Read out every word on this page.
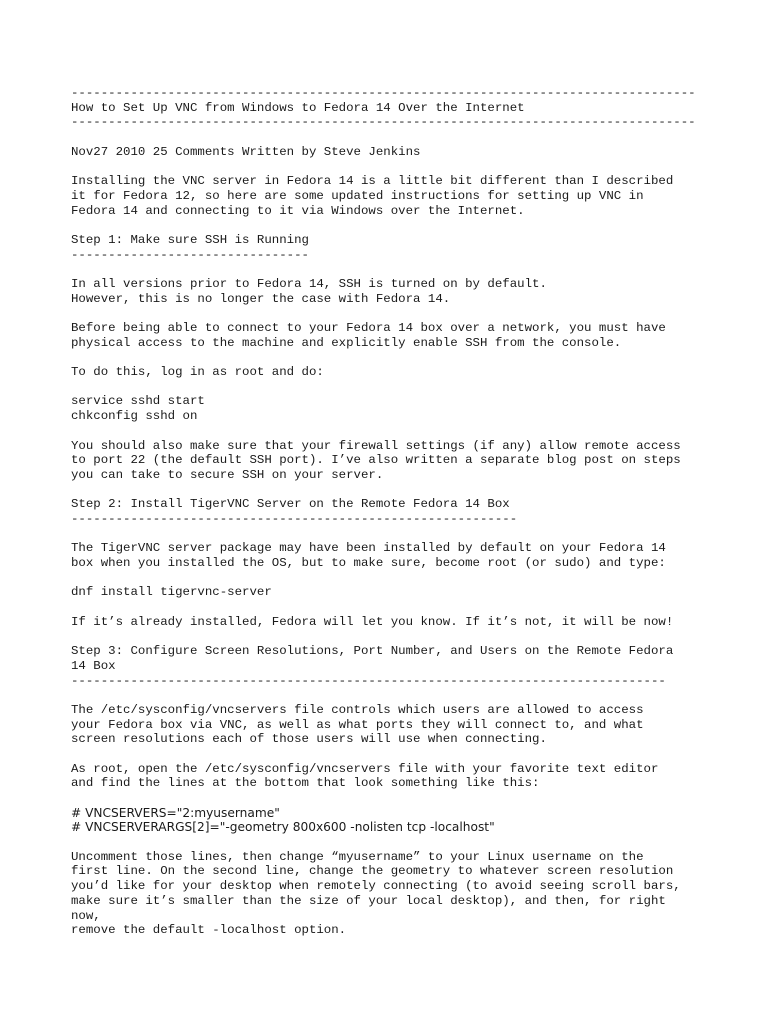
------------------------------------------------------------------------------------
How to Set Up VNC from Windows to Fedora 14 Over the Internet
------------------------------------------------------------------------------------
Nov27 2010 25 Comments Written by Steve Jenkins
Installing the VNC server in Fedora 14 is a little bit different than I described
it for Fedora 12, so here are some updated instructions for setting up VNC in
Fedora 14 and connecting to it via Windows over the Internet.
Step 1: Make sure SSH is Running
--------------------------------
In all versions prior to Fedora 14, SSH is turned on by default.
However, this is no longer the case with Fedora 14.
Before being able to connect to your Fedora 14 box over a network, you must have
physical access to the machine and explicitly enable SSH from the console.
To do this, log in as root and do:
service sshd start
chkconfig sshd on
You should also make sure that your firewall settings (if any) allow remote access
to port 22 (the default SSH port). I’ve also written a separate blog post on steps
you can take to secure SSH on your server.
Step 2: Install TigerVNC Server on the Remote Fedora 14 Box
------------------------------------------------------------
The TigerVNC server package may have been installed by default on your Fedora 14
box when you installed the OS, but to make sure, become root (or sudo) and type:
dnf install tigervnc-server
If it’s already installed, Fedora will let you know. If it’s not, it will be now!
Step 3: Configure Screen Resolutions, Port Number, and Users on the Remote Fedora
14 Box
--------------------------------------------------------------------------------
The /etc/sysconfig/vncservers file controls which users are allowed to access
your Fedora box via VNC, as well as what ports they will connect to, and what
screen resolutions each of those users will use when connecting.
As root, open the /etc/sysconfig/vncservers file with your favorite text editor
and find the lines at the bottom that look something like this:
# VNCSERVERS="2:myusername"
# VNCSERVERARGS[2]="-geometry 800x600 -nolisten tcp -localhost"
Uncomment those lines, then change “myusername” to your Linux username on the
first line. On the second line, change the geometry to whatever screen resolution
you’d like for your desktop when remotely connecting (to avoid seeing scroll bars,
make sure it’s smaller than the size of your local desktop), and then, for right
now,
remove the default -localhost option.
